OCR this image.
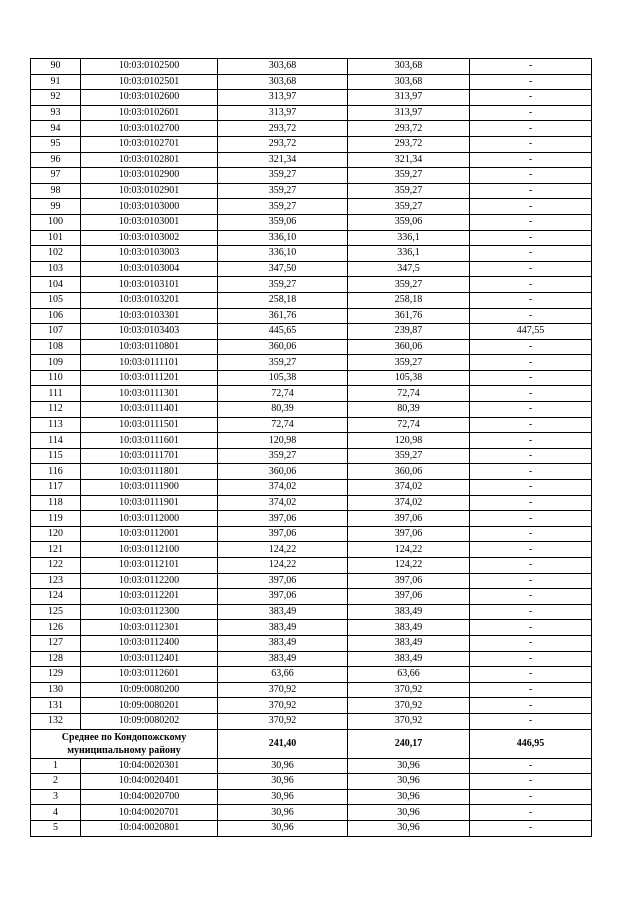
90	10:03:0102500	303,68	303,68	-
91	10:03:0102501	303,68	303,68	-
92	10:03:0102600	313,97	313,97	-
93	10:03:0102601	313,97	313,97	-
94	10:03:0102700	293,72	293,72	-
95	10:03:0102701	293,72	293,72	-
96	10:03:0102801	321,34	321,34	-
97	10:03:0102900	359,27	359,27	-
98	10:03:0102901	359,27	359,27	-
99	10:03:0103000	359,27	359,27	-
100	10:03:0103001	359,06	359,06	-
101	10:03:0103002	336,10	336,1	-
102	10:03:0103003	336,10	336,1	-
103	10:03:0103004	347,50	347,5	-
104	10:03:0103101	359,27	359,27	-
105	10:03:0103201	258,18	258,18	-
106	10:03:0103301	361,76	361,76	-
107	10:03:0103403	445,65	239,87	447,55
108	10:03:0110801	360,06	360,06	-
109	10:03:0111101	359,27	359,27	-
110	10:03:0111201	105,38	105,38	-
111	10:03:0111301	72,74	72,74	-
112	10:03:0111401	80,39	80,39	-
113	10:03:0111501	72,74	72,74	-
114	10:03:0111601	120,98	120,98	-
115	10:03:0111701	359,27	359,27	-
116	10:03:0111801	360,06	360,06	-
117	10:03:0111900	374,02	374,02	-
118	10:03:0111901	374,02	374,02	-
119	10:03:0112000	397,06	397,06	-
120	10:03:0112001	397,06	397,06	-
121	10:03:0112100	124,22	124,22	-
122	10:03:0112101	124,22	124,22	-
123	10:03:0112200	397,06	397,06	-
124	10:03:0112201	397,06	397,06	-
125	10:03:0112300	383,49	383,49	-
126	10:03:0112301	383,49	383,49	-
127	10:03:0112400	383,49	383,49	-
128	10:03:0112401	383,49	383,49	-
129	10:03:0112601	63,66	63,66	-
130	10:09:0080200	370,92	370,92	-
131	10:09:0080201	370,92	370,92	-
132	10:09:0080202	370,92	370,92	-
Среднее по Кондопожскому муниципальному району		241,40	240,17	446,95
1	10:04:0020301	30,96	30,96	-
2	10:04:0020401	30,96	30,96	-
3	10:04:0020700	30,96	30,96	-
4	10:04:0020701	30,96	30,96	-
5	10:04:0020801	30,96	30,96	-
